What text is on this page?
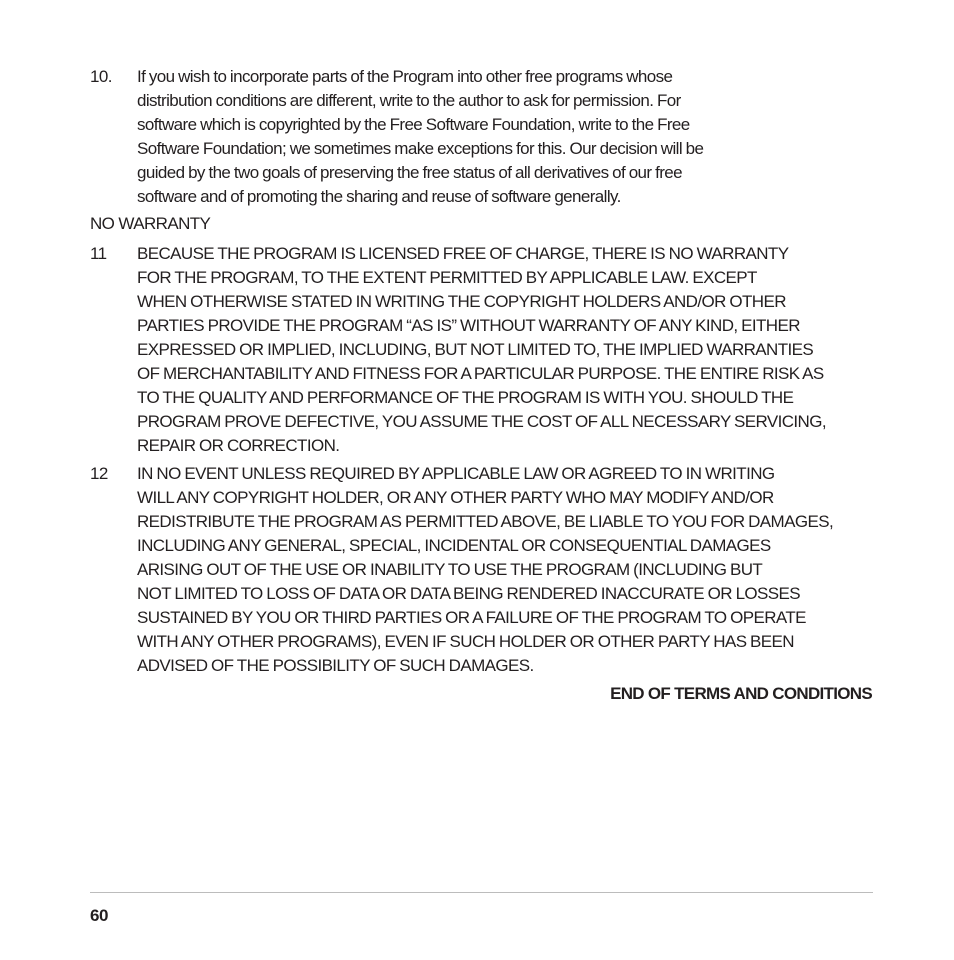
10.	If you wish to incorporate parts of the Program into other free programs whose
distribution conditions are different, write to the author to ask for permission. For
software which is copyrighted by the Free Software Foundation, write to the Free
Software Foundation; we sometimes make exceptions for this. Our decision will be
guided by the two goals of preserving the free status of all derivatives of our free
software and of promoting the sharing and reuse of software generally.
NO WARRANTY
11	BECAUSE THE PROGRAM IS LICENSED FREE OF CHARGE, THERE IS NO WARRANTY
FOR THE PROGRAM, TO THE EXTENT PERMITTED BY APPLICABLE LAW. EXCEPT
WHEN OTHERWISE STATED IN WRITING THE COPYRIGHT HOLDERS AND/OR OTHER
PARTIES PROVIDE THE PROGRAM “AS IS” WITHOUT WARRANTY OF ANY KIND, EITHER
EXPRESSED OR IMPLIED, INCLUDING, BUT NOT LIMITED TO, THE IMPLIED WARRANTIES
OF MERCHANTABILITY AND FITNESS FOR A PARTICULAR PURPOSE. THE ENTIRE RISK AS
TO THE QUALITY AND PERFORMANCE OF THE PROGRAM IS WITH YOU. SHOULD THE
PROGRAM PROVE DEFECTIVE, YOU ASSUME THE COST OF ALL NECESSARY SERVICING,
REPAIR OR CORRECTION.
12	IN NO EVENT UNLESS REQUIRED BY APPLICABLE LAW OR AGREED TO IN WRITING
WILL ANY COPYRIGHT HOLDER, OR ANY OTHER PARTY WHO MAY MODIFY AND/OR
REDISTRIBUTE THE PROGRAM AS PERMITTED ABOVE, BE LIABLE TO YOU FOR DAMAGES,
INCLUDING ANY GENERAL, SPECIAL, INCIDENTAL OR CONSEQUENTIAL DAMAGES
ARISING OUT OF THE USE OR INABILITY TO USE THE PROGRAM (INCLUDING BUT
NOT LIMITED TO LOSS OF DATA OR DATA BEING RENDERED INACCURATE OR LOSSES
SUSTAINED BY YOU OR THIRD PARTIES OR A FAILURE OF THE PROGRAM TO OPERATE
WITH ANY OTHER PROGRAMS), EVEN IF SUCH HOLDER OR OTHER PARTY HAS BEEN
ADVISED OF THE POSSIBILITY OF SUCH DAMAGES.
END OF TERMS AND CONDITIONS
60
